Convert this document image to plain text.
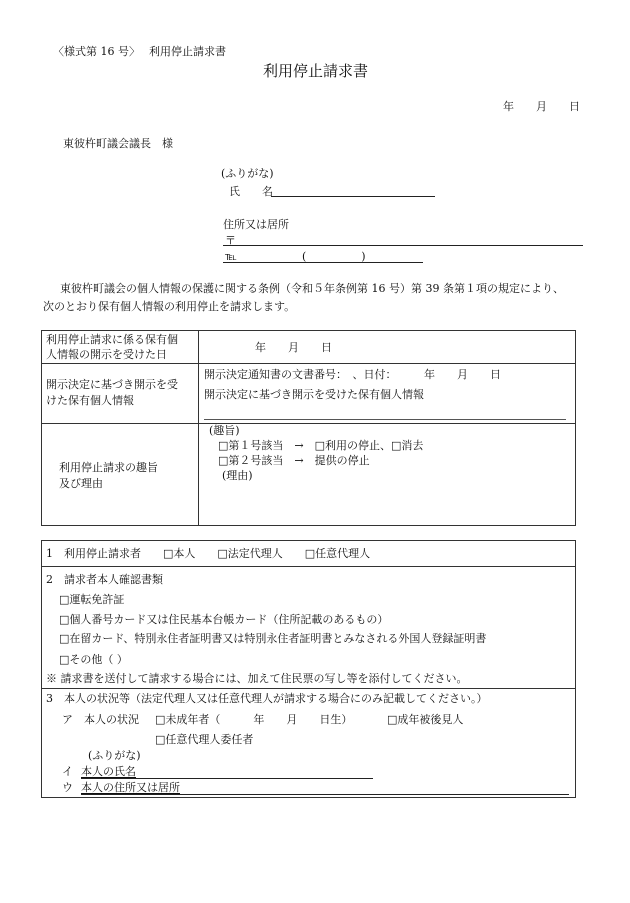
〈様式第 16 号〉　 利用停止請求書
利用停止請求書
年　　月　　日
東彼杵町議会議長　様
(ふりがな)
氏　　名
住所又は居所
〒
℡	(　　　　　)
東彼杵町議会の個人情報の保護に関する条例（令和５年条例第 16 号）第 39 条第１項の規定により、
次のとおり保有個人情報の利用停止を請求します。
利用停止請求に係る保有個
人情報の開示を受けた日
年　　月　　日
開示決定に基づき開示を受
けた保有個人情報
開示決定通知書の文書番号：　、日付：　　　年　　月　　日
開示決定に基づき開示を受けた保有個人情報
利用停止請求の趣旨
及び理由
(趣旨)
□第１号該当　→　□利用の停止、□消去
□第２号該当　→　提供の停止
(理由)
1　利用停止請求者　　□本人　　□法定代理人　　□任意代理人
2　請求者本人確認書類
□運転免許証
□個人番号カード又は住民基本台帳カード（住所記載のあるもの）
□在留カード、特別永住者証明書又は特別永住者証明書とみなされる外国人登録証明書
□その他（ ）
※ 請求書を送付して請求する場合には、加えて住民票の写し等を添付してください。
3　本人の状況等（法定代理人又は任意代理人が請求する場合にのみ記載してください。）
ア　本人の状況 □未成年者（　　　年　　月　　日生）	□成年被後見人
□任意代理人委任者
(ふりがな)
イ 本人の氏名
ウ 本人の住所又は居所
